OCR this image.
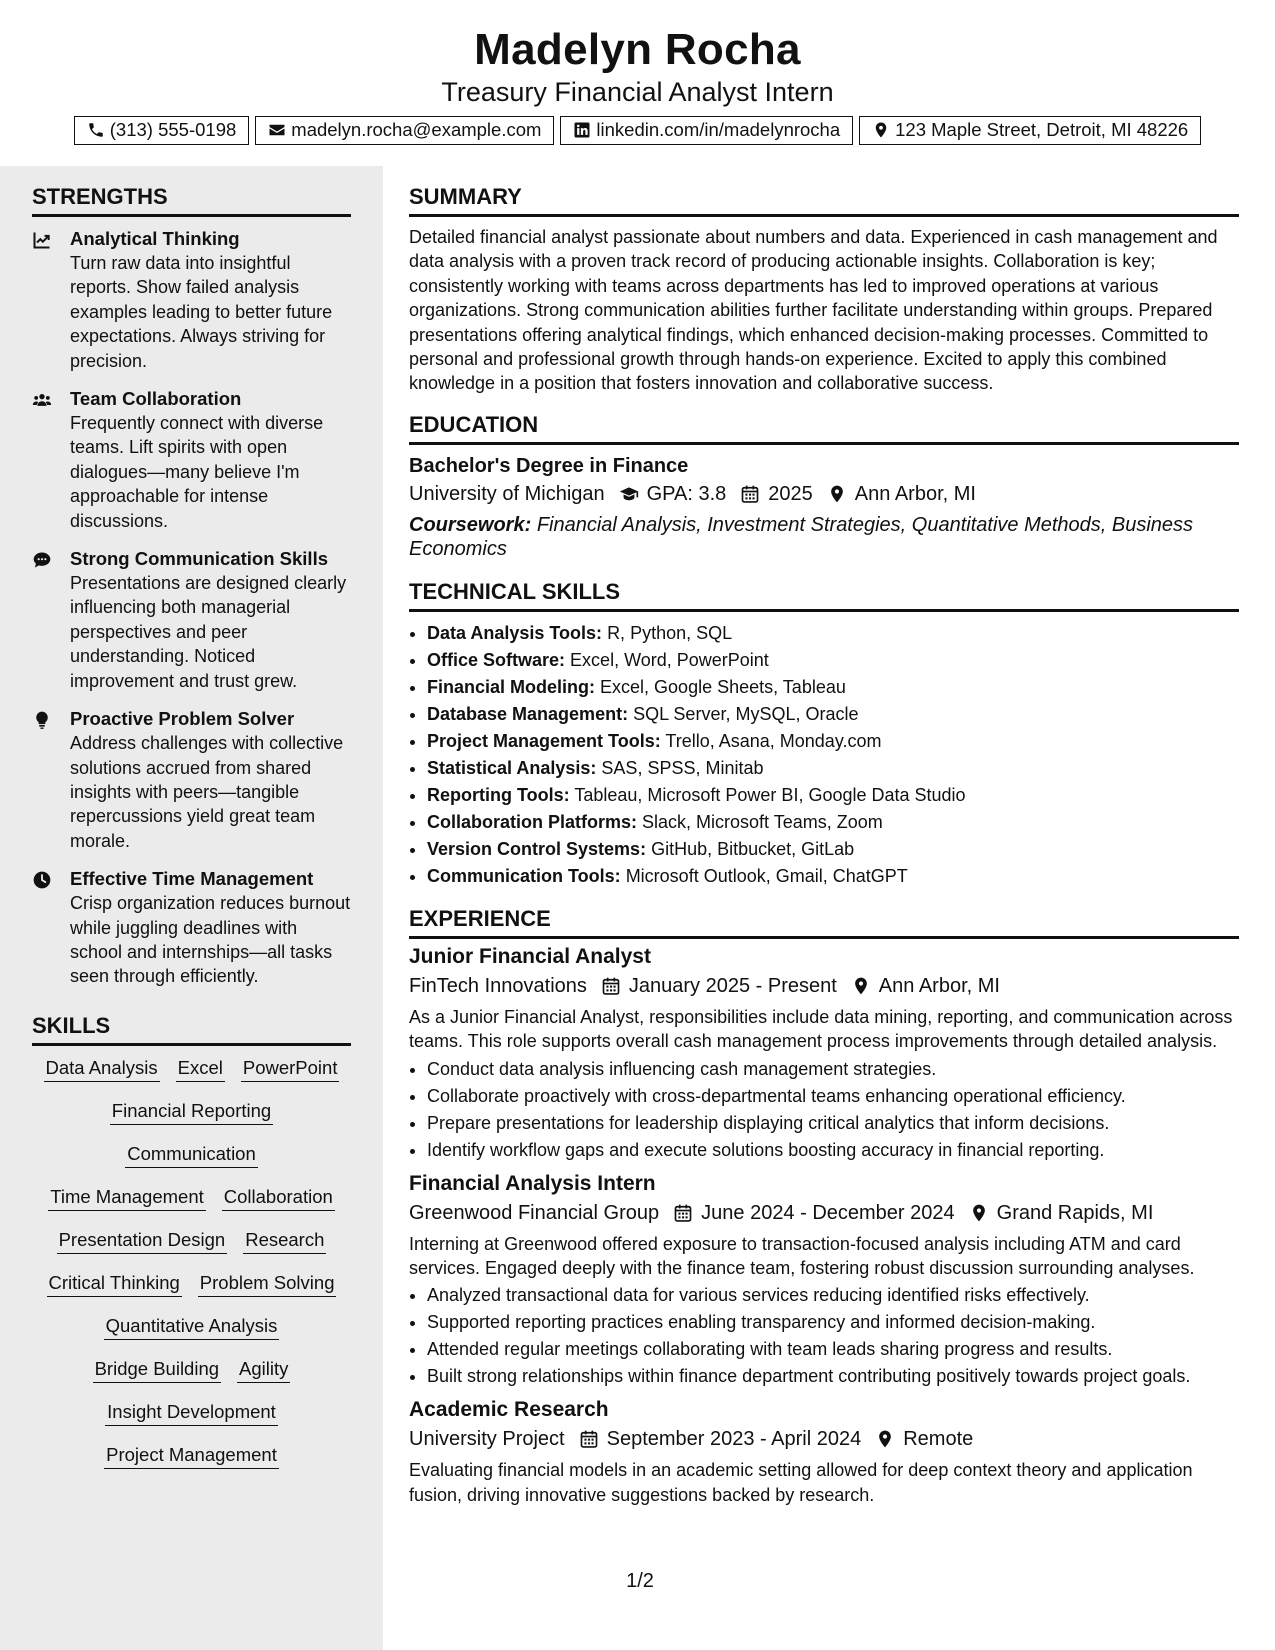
Madelyn Rocha
Treasury Financial Analyst Intern
(313) 555-0198	madelyn.rocha@example.com	linkedin.com/in/madelynrocha	123 Maple Street, Detroit, MI 48226
STRENGTHS
Analytical Thinking
Turn raw data into insightful reports. Show failed analysis examples leading to better future expectations. Always striving for precision.
Team Collaboration
Frequently connect with diverse teams. Lift spirits with open dialogues—many believe I'm approachable for intense discussions.
Strong Communication Skills
Presentations are designed clearly influencing both managerial perspectives and peer understanding. Noticed improvement and trust grew.
Proactive Problem Solver
Address challenges with collective solutions accrued from shared insights with peers—tangible repercussions yield great team morale.
Effective Time Management
Crisp organization reduces burnout while juggling deadlines with school and internships—all tasks seen through efficiently.
SKILLS
Data Analysis Excel PowerPoint
Financial Reporting
Communication
Time Management Collaboration
Presentation Design Research
Critical Thinking Problem Solving
Quantitative Analysis
Bridge Building Agility
Insight Development
Project Management
SUMMARY

Detailed financial analyst passionate about numbers and data. Experienced in cash management and data analysis with a proven track record of producing actionable insights. Collaboration is key; consistently working with teams across departments has led to improved operations at various organizations. Strong communication abilities further facilitate understanding within groups. Prepared presentations offering analytical findings, which enhanced decision-making processes. Committed to personal and professional growth through hands-on experience. Excited to apply this combined knowledge in a position that fosters innovation and collaborative success.

EDUCATION
Bachelor's Degree in Finance
University of Michigan GPA: 3.8 2025 Ann Arbor, MI
Coursework: Financial Analysis, Investment Strategies, Quantitative Methods, Business Economics
TECHNICAL SKILLS
• Data Analysis Tools: R, Python, SQL
• Office Software: Excel, Word, PowerPoint
• Financial Modeling: Excel, Google Sheets, Tableau
• Database Management: SQL Server, MySQL, Oracle
• Project Management Tools: Trello, Asana, Monday.com
• Statistical Analysis: SAS, SPSS, Minitab
• Reporting Tools: Tableau, Microsoft Power BI, Google Data Studio
• Collaboration Platforms: Slack, Microsoft Teams, Zoom
• Version Control Systems: GitHub, Bitbucket, GitLab
• Communication Tools: Microsoft Outlook, Gmail, ChatGPT
EXPERIENCE
Junior Financial Analyst
FinTech Innovations January 2025 - Present Ann Arbor, MI
As a Junior Financial Analyst, responsibilities include data mining, reporting, and communication across teams. This role supports overall cash management process improvements through detailed analysis.
• Conduct data analysis influencing cash management strategies.
• Collaborate proactively with cross-departmental teams enhancing operational efficiency.
• Prepare presentations for leadership displaying critical analytics that inform decisions.
• Identify workflow gaps and execute solutions boosting accuracy in financial reporting.
Financial Analysis Intern
Greenwood Financial Group June 2024 - December 2024 Grand Rapids, MI
Interning at Greenwood offered exposure to transaction-focused analysis including ATM and card services. Engaged deeply with the finance team, fostering robust discussion surrounding analyses.
• Analyzed transactional data for various services reducing identified risks effectively.
• Supported reporting practices enabling transparency and informed decision-making.
• Attended regular meetings collaborating with team leads sharing progress and results.
• Built strong relationships within finance department contributing positively towards project goals.
Academic Research
University Project September 2023 - April 2024 Remote
Evaluating financial models in an academic setting allowed for deep context theory and application fusion, driving innovative suggestions backed by research.
1/2
